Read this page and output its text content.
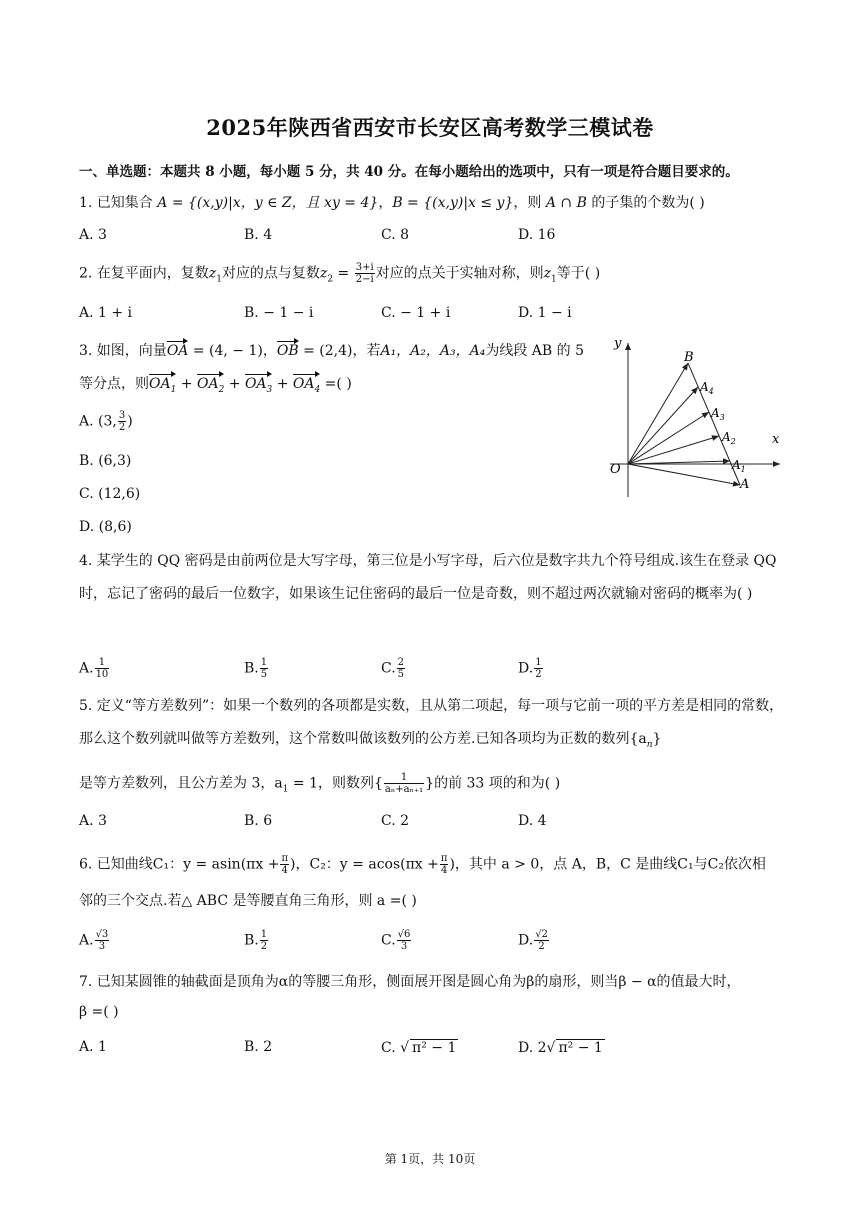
2025年陕西省西安市长安区高考数学三模试卷
一、单选题：本题共 8 小题，每小题 5 分，共 40 分。在每小题给出的选项中，只有一项是符合题目要求的。
1. 已知集合 A = {(x,y)|x，y ∈ Z，且 xy = 4}，B = {(x,y)|x ≤ y}，则 A ∩ B 的子集的个数为( )
A. 3	B. 4	C. 8	D. 16
2. 在复平面内，复数$z_1$对应的点与复数$z_2 = \frac{3+i}{2-i}$ 对应的点关于实轴对称，则$z_1$等于( )
A. 1 + i	B. − 1 − i	C. − 1 + i	D. 1 − i
3. 如图，向量OA = (4, − 1)，OB = (2,4)，若A₁，A₂，A₃，A₄为线段 AB 的 5
等分点，则$OA_1 + OA_2 + OA_3 + OA_4$ =( )
A. (3, $\frac{3}{2}$ )
B. (6,3)
C. (12,6)
D. (8,6)
y
x
O
B
$A_4$
$A_3$
$A_2$
$A_1$
A
4. 某学生的 QQ 密码是由前两位是大写字母，第三位是小写字母，后六位是数字共九个符号组成.该生在登录 QQ 时，忘记了密码的最后一位数字，如果该生记住密码的最后一位是奇数，则不超过两次就输对密码的概率为( )
A. $\frac{1}{10}$	B. $\frac{1}{5}$	C. $\frac{2}{5}$	D. $\frac{1}{2}$
5. 定义“等方差数列”：如果一个数列的各项都是实数，且从第二项起，每一项与它前一项的平方差是相同的常数，那么这个数列就叫做等方差数列，这个常数叫做该数列的公方差.已知各项均为正数的数列$\{a_n\}$
是等方差数列，且公方差为 3，$a_1 = 1$，则数列{ $\frac{1}{\text{aₙ+aₙ₊₁}}$ }的前 33 项的和为( )
A. 3	B. 6	C. 2	D. 4
6. 已知曲线C₁：$y = asin(\pi x + \frac{\pi}{4}$ )，C₂：$y = acos(\pi x + \frac{\pi}{4}$ )，其中 a > 0，点 A，B，C 是曲线C₁与C₂依次相
邻的三个交点.若△ ABC 是等腰直角三角形，则 a =( )
A. $\frac{√3}{3}$	B. $\frac{1}{2}$	C. $\frac{√6}{3}$	D. $\frac{√2}{2}$
7. 已知某圆锥的轴截面是顶角为α的等腰三角形，侧面展开图是圆心角为β的扇形，则当β − α的值最大时，
β =( )
A. 1	B. 2	C. √ π² − 1	D. 2√ π² − 1
第 1页，共 10页
